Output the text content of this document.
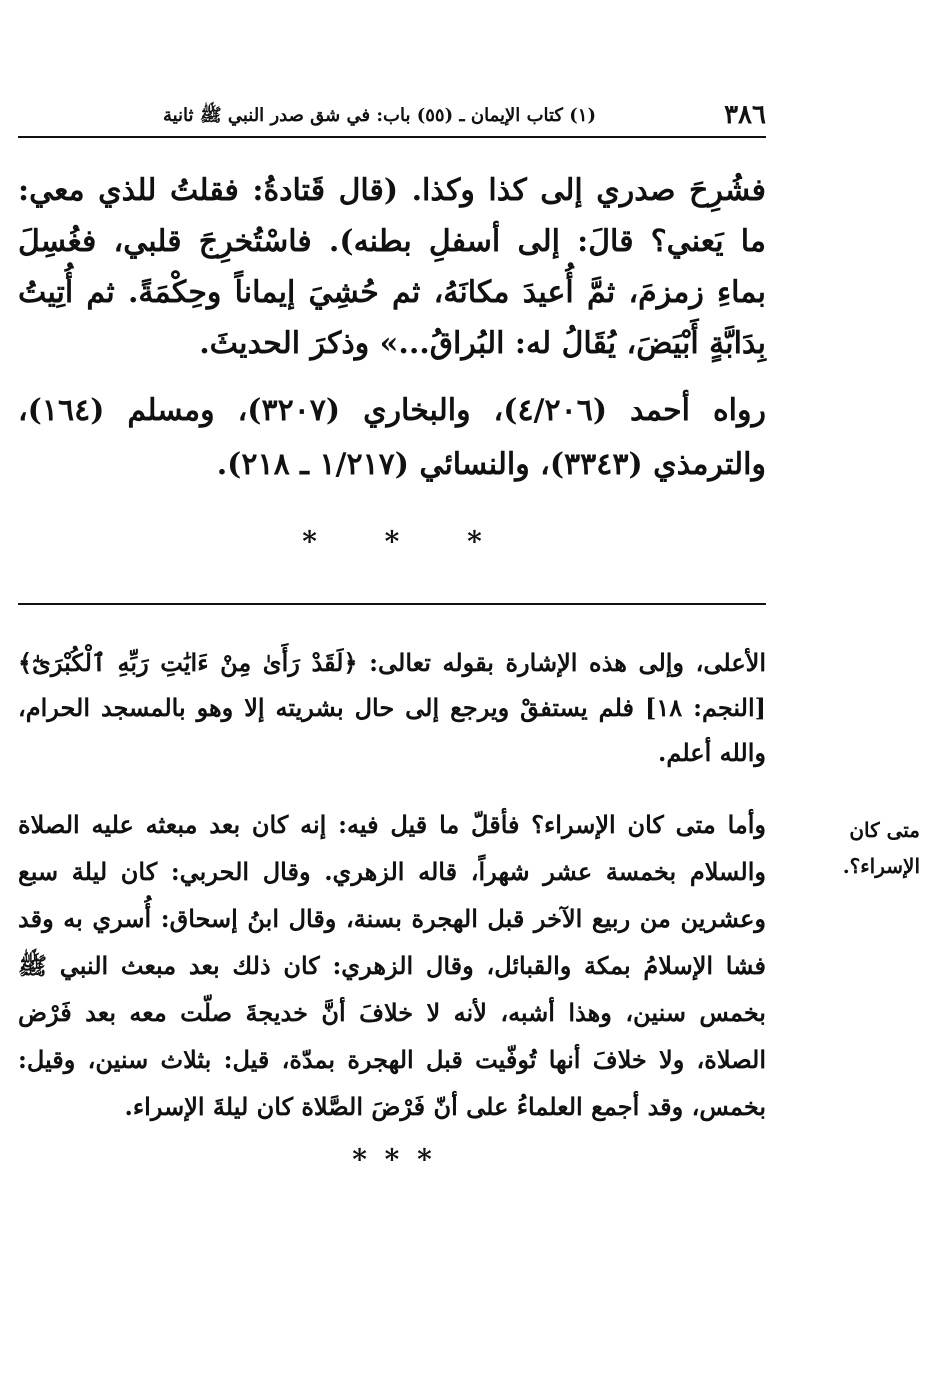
٣٨٦
(١) كتاب الإيمان ـ (٥٥) باب: في شق صدر النبي ﷺ ثانية
فشُرِحَ صدري إلى كذا وكذا. (قال قَتادةُ: فقلتُ للذي معي: ما يَعني؟ قالَ: إلى أسفلِ بطنه). فاسْتُخرِجَ قلبي، فغُسِلَ بماءِ زمزمَ، ثمَّ أُعيدَ مكانَهُ، ثم حُشِيَ إيماناً وحِكْمَةً. ثم أُتِيتُ بِدَابَّةٍ أَبْيَضَ، يُقَالُ له: البُراقُ...» وذكرَ الحديثَ.
رواه أحمد (٤/٢٠٦)، والبخاري (٣٢٠٧)، ومسلم (١٦٤)، والترمذي (٣٣٤٣)، والنسائي (١/٢١٧ ـ ٢١٨).
* * *
الأعلى، وإلى هذه الإشارة بقوله تعالى: ﴿لَقَدْ رَأَىٰ مِنْ ءَايَٰتِ رَبِّهِ ٱلْكُبْرَىٰٓ﴾ [النجم: ١٨] فلم يستفقْ ويرجع إلى حال بشريته إلا وهو بالمسجد الحرام، والله أعلم.
وأما متى كان الإسراء؟ فأقلّ ما قيل فيه: إنه كان بعد مبعثه عليه الصلاة والسلام بخمسة عشر شهراً، قاله الزهري. وقال الحربي: كان ليلة سبع وعشرين من ربيع الآخر قبل الهجرة بسنة، وقال ابنُ إسحاق: أُسري به وقد فشا الإسلامُ بمكة والقبائل، وقال الزهري: كان ذلك بعد مبعث النبي ﷺ بخمس سنين، وهذا أشبه، لأنه لا خلافَ أنَّ خديجةَ صلّت معه بعد فَرْض الصلاة، ولا خلافَ أنها تُوفّيت قبل الهجرة بمدّة، قيل: بثلاث سنين، وقيل: بخمس، وقد أجمع العلماءُ على أنّ فَرْضَ الصَّلاة كان ليلةَ الإسراء.
متى كان الإسراء؟.
* * *
